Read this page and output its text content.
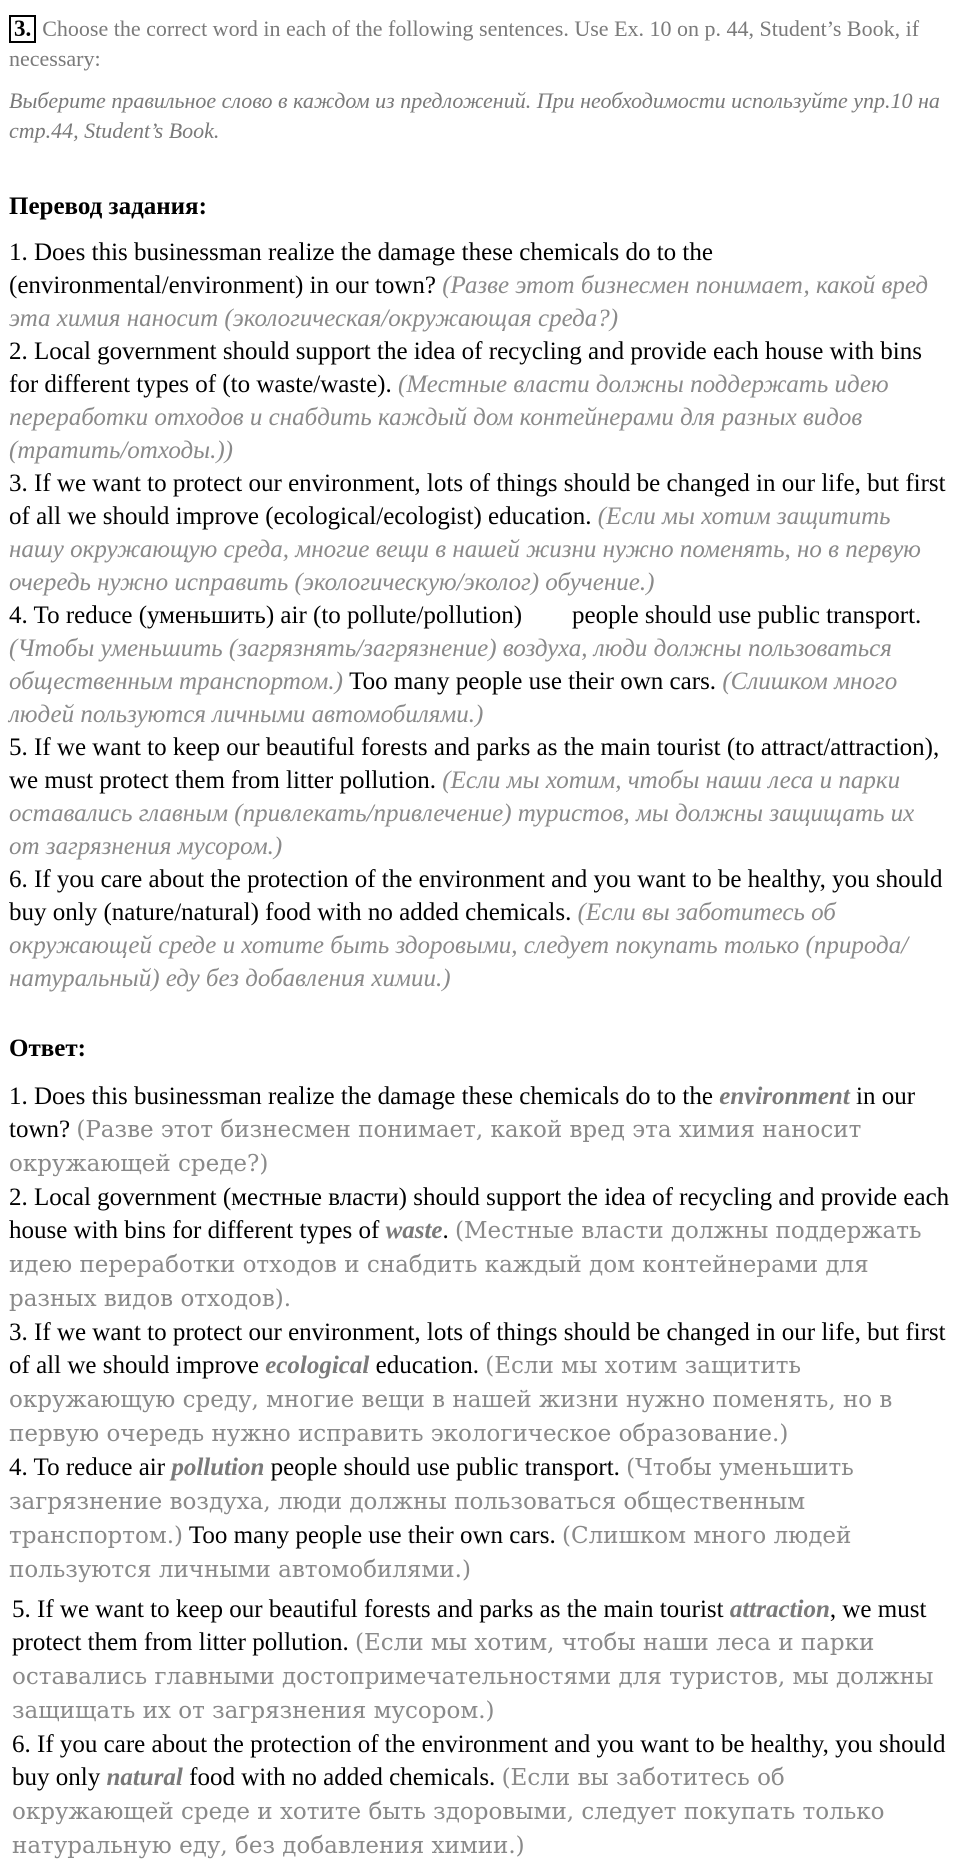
3. Choose the correct word in each of the following sentences. Use Ex. 10 on p. 44, Student’s Book, if necessary:
Выберите правильное слово в каждом из предложений. При необходимости используйте упр.10 на стр.44, Student’s Book.
Перевод задания:

1. Does this businessman realize the damage these chemicals do to the (environmental/environment) in our town? (Разве этот бизнесмен понимает, какой вред эта химия наносит (экологическая/окружающая среда?)

2. Local government should support the idea of recycling and provide each house with bins for different types of (to waste/waste). (Местные власти должны поддержать идею переработки отходов и снабдить каждый дом контейнерами для разных видов (тратить/отходы.))

3. If we want to protect our environment, lots of things should be changed in our life, but first of all we should improve (ecological/ecologist) education. (Если мы хотим защитить нашу окружающую среда, многие вещи в нашей жизни нужно поменять, но в первую очередь нужно исправить (экологическую/эколог) обучение.)

4. To reduce (уменьшить) air (to pollute/pollution)        people should use public transport. (Чтобы уменьшить (загрязнять/загрязнение) воздуха, люди должны пользоваться общественным транспортом.) Too many people use their own cars. (Слишком много людей пользуются личными автомобилями.)

5. If we want to keep our beautiful forests and parks as the main tourist (to attract/attraction), we must protect them from litter pollution. (Если мы хотим, чтобы наши леса и парки оставались главным (привлекать/привлечение) туристов, мы должны защищать их от загрязнения мусором.)

6. If you care about the protection of the environment and you want to be healthy, you should buy only (nature/natural) food with no added chemicals. (Если вы заботитесь об окружающей среде и хотите быть здоровыми, следует покупать только (природа/натуральный) еду без добавления химии.)

Ответ:

1. Does this businessman realize the damage these chemicals do to the environment in our town? (Разве этот бизнесмен понимает, какой вред эта химия наносит окружающей среде?)

2. Local government (местные власти) should support the idea of recycling and provide each house with bins for different types of waste. (Местные власти должны поддержать идею переработки отходов и снабдить каждый дом контейнерами для разных видов отходов).

3. If we want to protect our environment, lots of things should be changed in our life, but first of all we should improve ecological education. (Если мы хотим защитить окружающую среду, многие вещи в нашей жизни нужно поменять, но в первую очередь нужно исправить экологическое образование.)

4. To reduce air pollution people should use public transport. (Чтобы уменьшить загрязнение воздуха, люди должны пользоваться общественным транспортом.) Too many people use their own cars. (Слишком много людей пользуются личными автомобилями.)

5. If we want to keep our beautiful forests and parks as the main tourist attraction, we must protect them from litter pollution. (Если мы хотим, чтобы наши леса и парки оставались главными достопримечательностями для туристов, мы должны защищать их от загрязнения мусором.)

6. If you care about the protection of the environment and you want to be healthy, you should buy only natural food with no added chemicals. (Если вы заботитесь об окружающей среде и хотите быть здоровыми, следует покупать только натуральную еду, без добавления химии.)
